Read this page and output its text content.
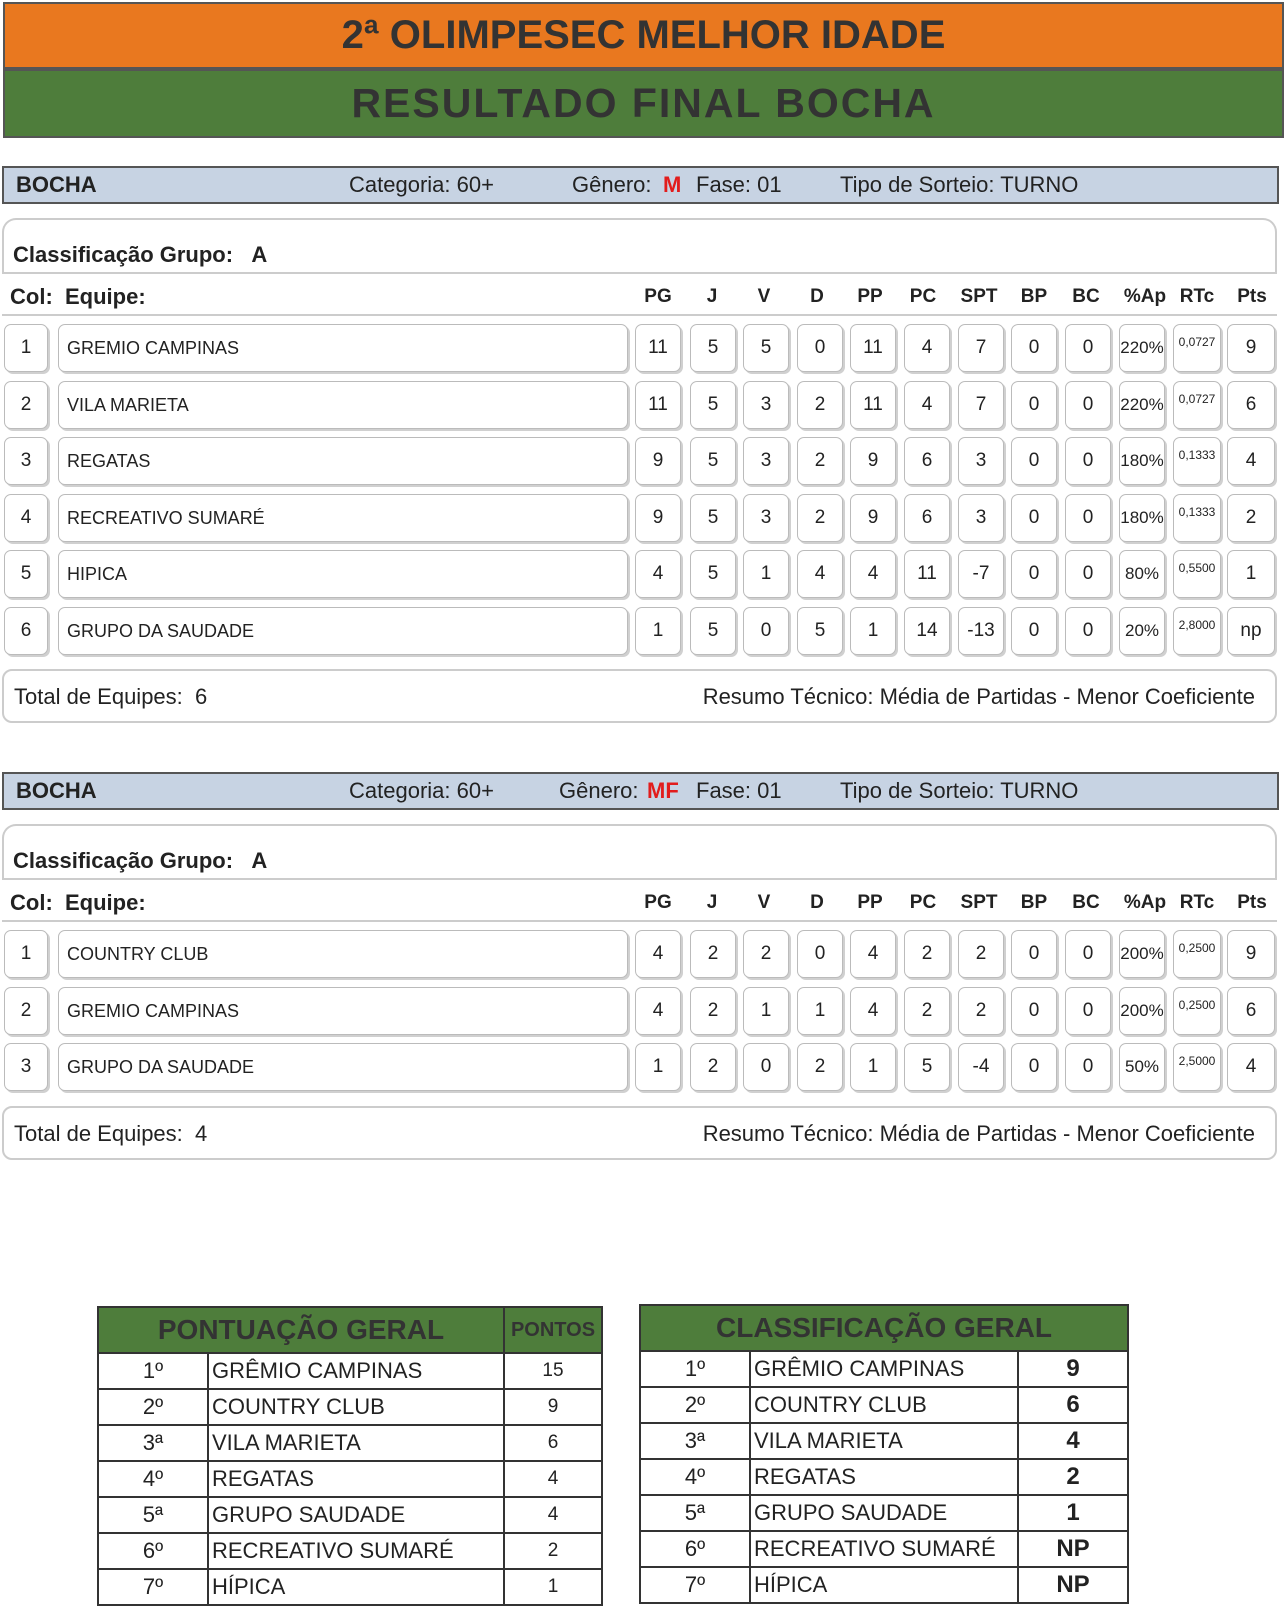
2ª OLIMPESEC MELHOR IDADE
RESULTADO FINAL BOCHA
BOCHA	Categoria: 60+	Gênero: M Fase: 01	Tipo de Sorteio: TURNO
Classificação Grupo: A
Col: Equipe:	PG	J	V	D	PP	PC	SPT	BP	BC	%Ap RTc	Pts
1	GREMIO CAMPINAS	11	5	5	0	11	4	7	0	0	220%	0,0727	9
2	VILA MARIETA	11	5	3	2	11	4	7	0	0	220%	0,0727	6
3	REGATAS	9	5	3	2	9	6	3	0	0	180%	0,1333	4
4	RECREATIVO SUMARÉ	9	5	3	2	9	6	3	0	0	180%	0,1333	2
5	HIPICA	4	5	1	4	4	11	-7	0	0	80%	0,5500	1
6	GRUPO DA SAUDADE	1	5	0	5	1	14	-13	0	0	20%	2,8000	np
Total de Equipes: 6	Resumo Técnico: Média de Partidas - Menor Coeficiente
BOCHA	Categoria: 60+	Gênero: MF Fase: 01	Tipo de Sorteio: TURNO
Classificação Grupo: A
Col: Equipe:	PG	J	V	D	PP	PC	SPT	BP	BC	%Ap RTc	Pts
1	COUNTRY CLUB	4	2	2	0	4	2	2	0	0	200%	0,2500	9
2	GREMIO CAMPINAS	4	2	1	1	4	2	2	0	0	200%	0,2500	6
3	GRUPO DA SAUDADE	1	2	0	2	1	5	-4	0	0	50%	2,5000	4
Total de Equipes: 4	Resumo Técnico: Média de Partidas - Menor Coeficiente
PONTUAÇÃO GERAL		PONTOS
1º	GRÊMIO CAMPINAS	15
2º	COUNTRY CLUB	9
3ª	VILA MARIETA	6
4º	REGATAS	4
5ª	GRUPO SAUDADE	4
6º	RECREATIVO SUMARÉ	2
7º	HÍPICA	1
CLASSIFICAÇÃO GERAL		
1º	GRÊMIO CAMPINAS	9
2º	COUNTRY CLUB	6
3ª	VILA MARIETA	4
4º	REGATAS	2
5ª	GRUPO SAUDADE	1
6º	RECREATIVO SUMARÉ	NP
7º	HÍPICA	NP
